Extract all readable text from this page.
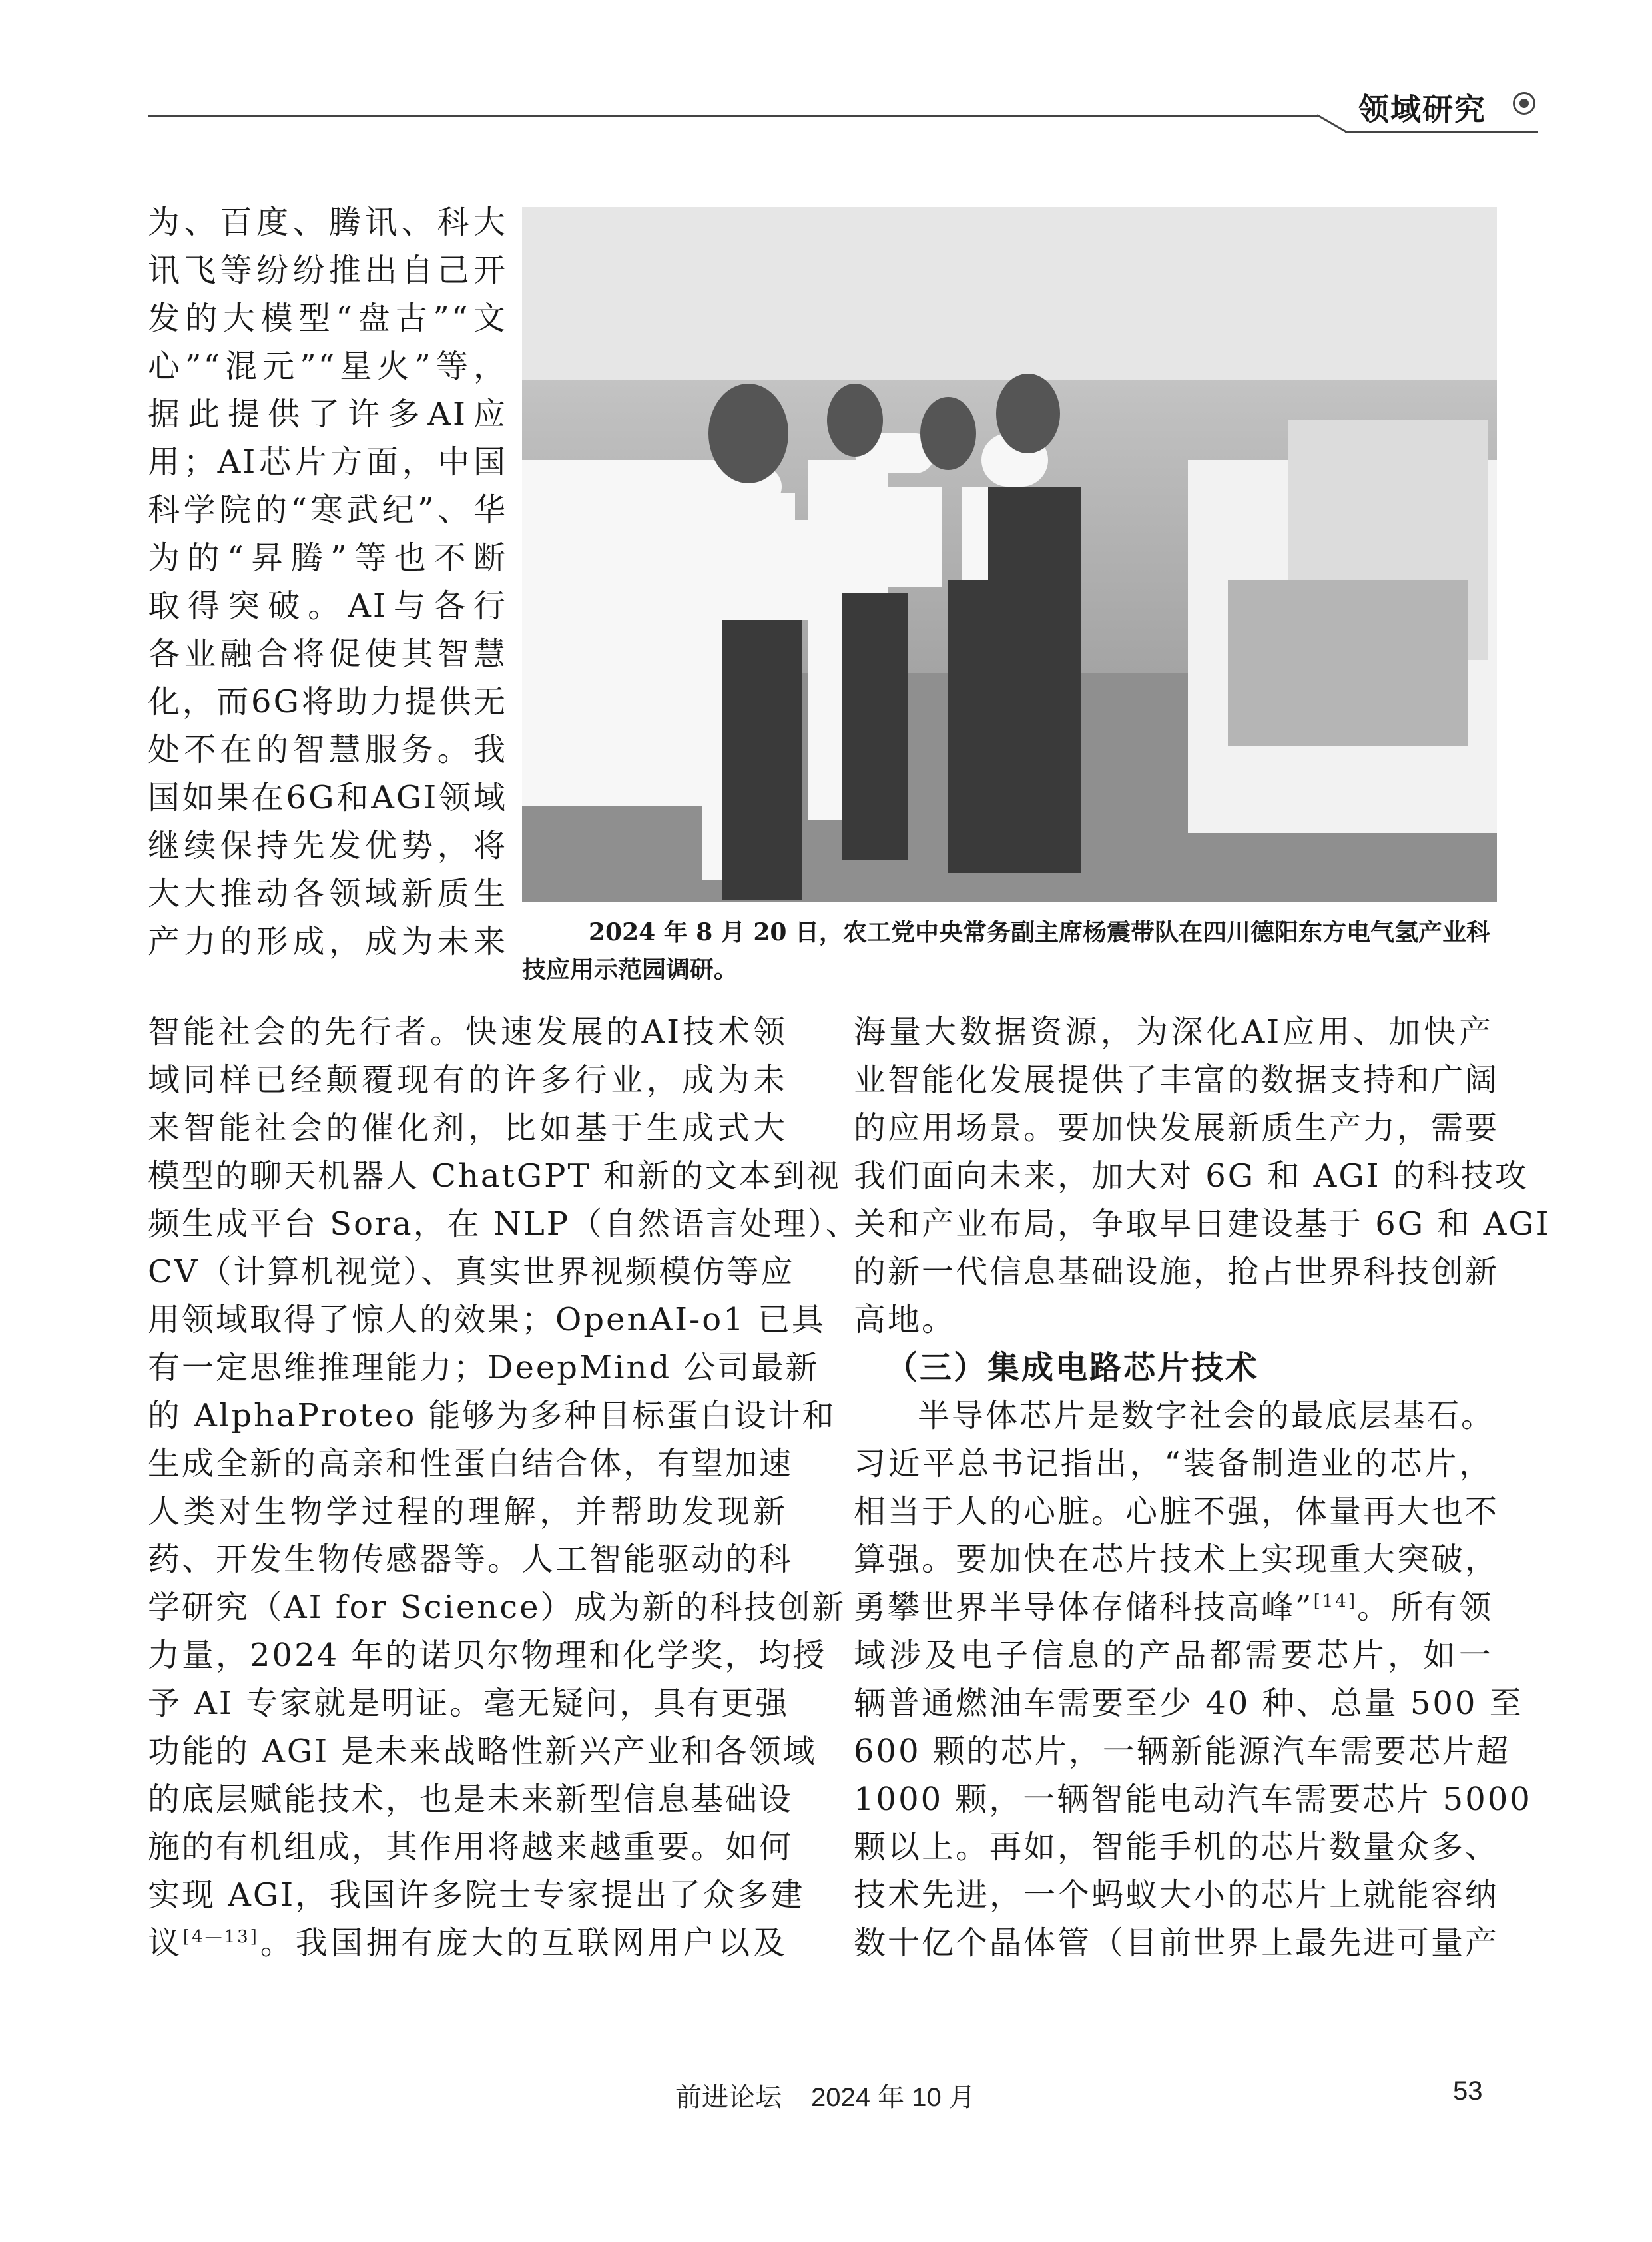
领域研究
2024 年 8 月 20 日，农工党中央常务副主席杨震带队在四川德阳东方电气氢产业科技应用示范园调研。
为、百度、腾讯、科大
讯飞等纷纷推出自己开
发的大模型“盘古”“文
心”“混元”“星火”等，
据此提供了许多AI应
用；AI芯片方面，中国
科学院的“寒武纪”、华
为的“昇腾”等也不断
取得突破。AI与各行
各业融合将促使其智慧
化，而6G将助力提供无
处不在的智慧服务。我
国如果在6G和AGI领域
继续保持先发优势，将
大大推动各领域新质生
产力的形成，成为未来
智能社会的先行者。快速发展的AI技术领
域同样已经颠覆现有的许多行业，成为未
来智能社会的催化剂，比如基于生成式大
模型的聊天机器人 ChatGPT 和新的文本到视
频生成平台 Sora，在 NLP（自然语言处理）、
CV（计算机视觉）、真实世界视频模仿等应
用领域取得了惊人的效果；OpenAI-o1 已具
有一定思维推理能力；DeepMind 公司最新
的 AlphaProteo 能够为多种目标蛋白设计和
生成全新的高亲和性蛋白结合体，有望加速
人类对生物学过程的理解，并帮助发现新
药、开发生物传感器等。人工智能驱动的科
学研究（AI for Science）成为新的科技创新
力量，2024 年的诺贝尔物理和化学奖，均授
予 AI 专家就是明证。毫无疑问，具有更强
功能的 AGI 是未来战略性新兴产业和各领域
的底层赋能技术，也是未来新型信息基础设
施的有机组成，其作用将越来越重要。如何
实现 AGI，我国许多院士专家提出了众多建
议[4—13]。我国拥有庞大的互联网用户以及
海量大数据资源，为深化AI应用、加快产
业智能化发展提供了丰富的数据支持和广阔
的应用场景。要加快发展新质生产力，需要
我们面向未来，加大对 6G 和 AGI 的科技攻
关和产业布局，争取早日建设基于 6G 和 AGI
的新一代信息基础设施，抢占世界科技创新
高地。
（三）集成电路芯片技术
半导体芯片是数字社会的最底层基石。
习近平总书记指出，“装备制造业的芯片，
相当于人的心脏。心脏不强，体量再大也不
算强。要加快在芯片技术上实现重大突破，
勇攀世界半导体存储科技高峰”[14]。所有领
域涉及电子信息的产品都需要芯片，如一
辆普通燃油车需要至少 40 种、总量 500 至
600 颗的芯片，一辆新能源汽车需要芯片超
1000 颗，一辆智能电动汽车需要芯片 5000
颗以上。再如，智能手机的芯片数量众多、
技术先进，一个蚂蚁大小的芯片上就能容纳
数十亿个晶体管（目前世界上最先进可量产
前进论坛 2024 年 10 月	53
